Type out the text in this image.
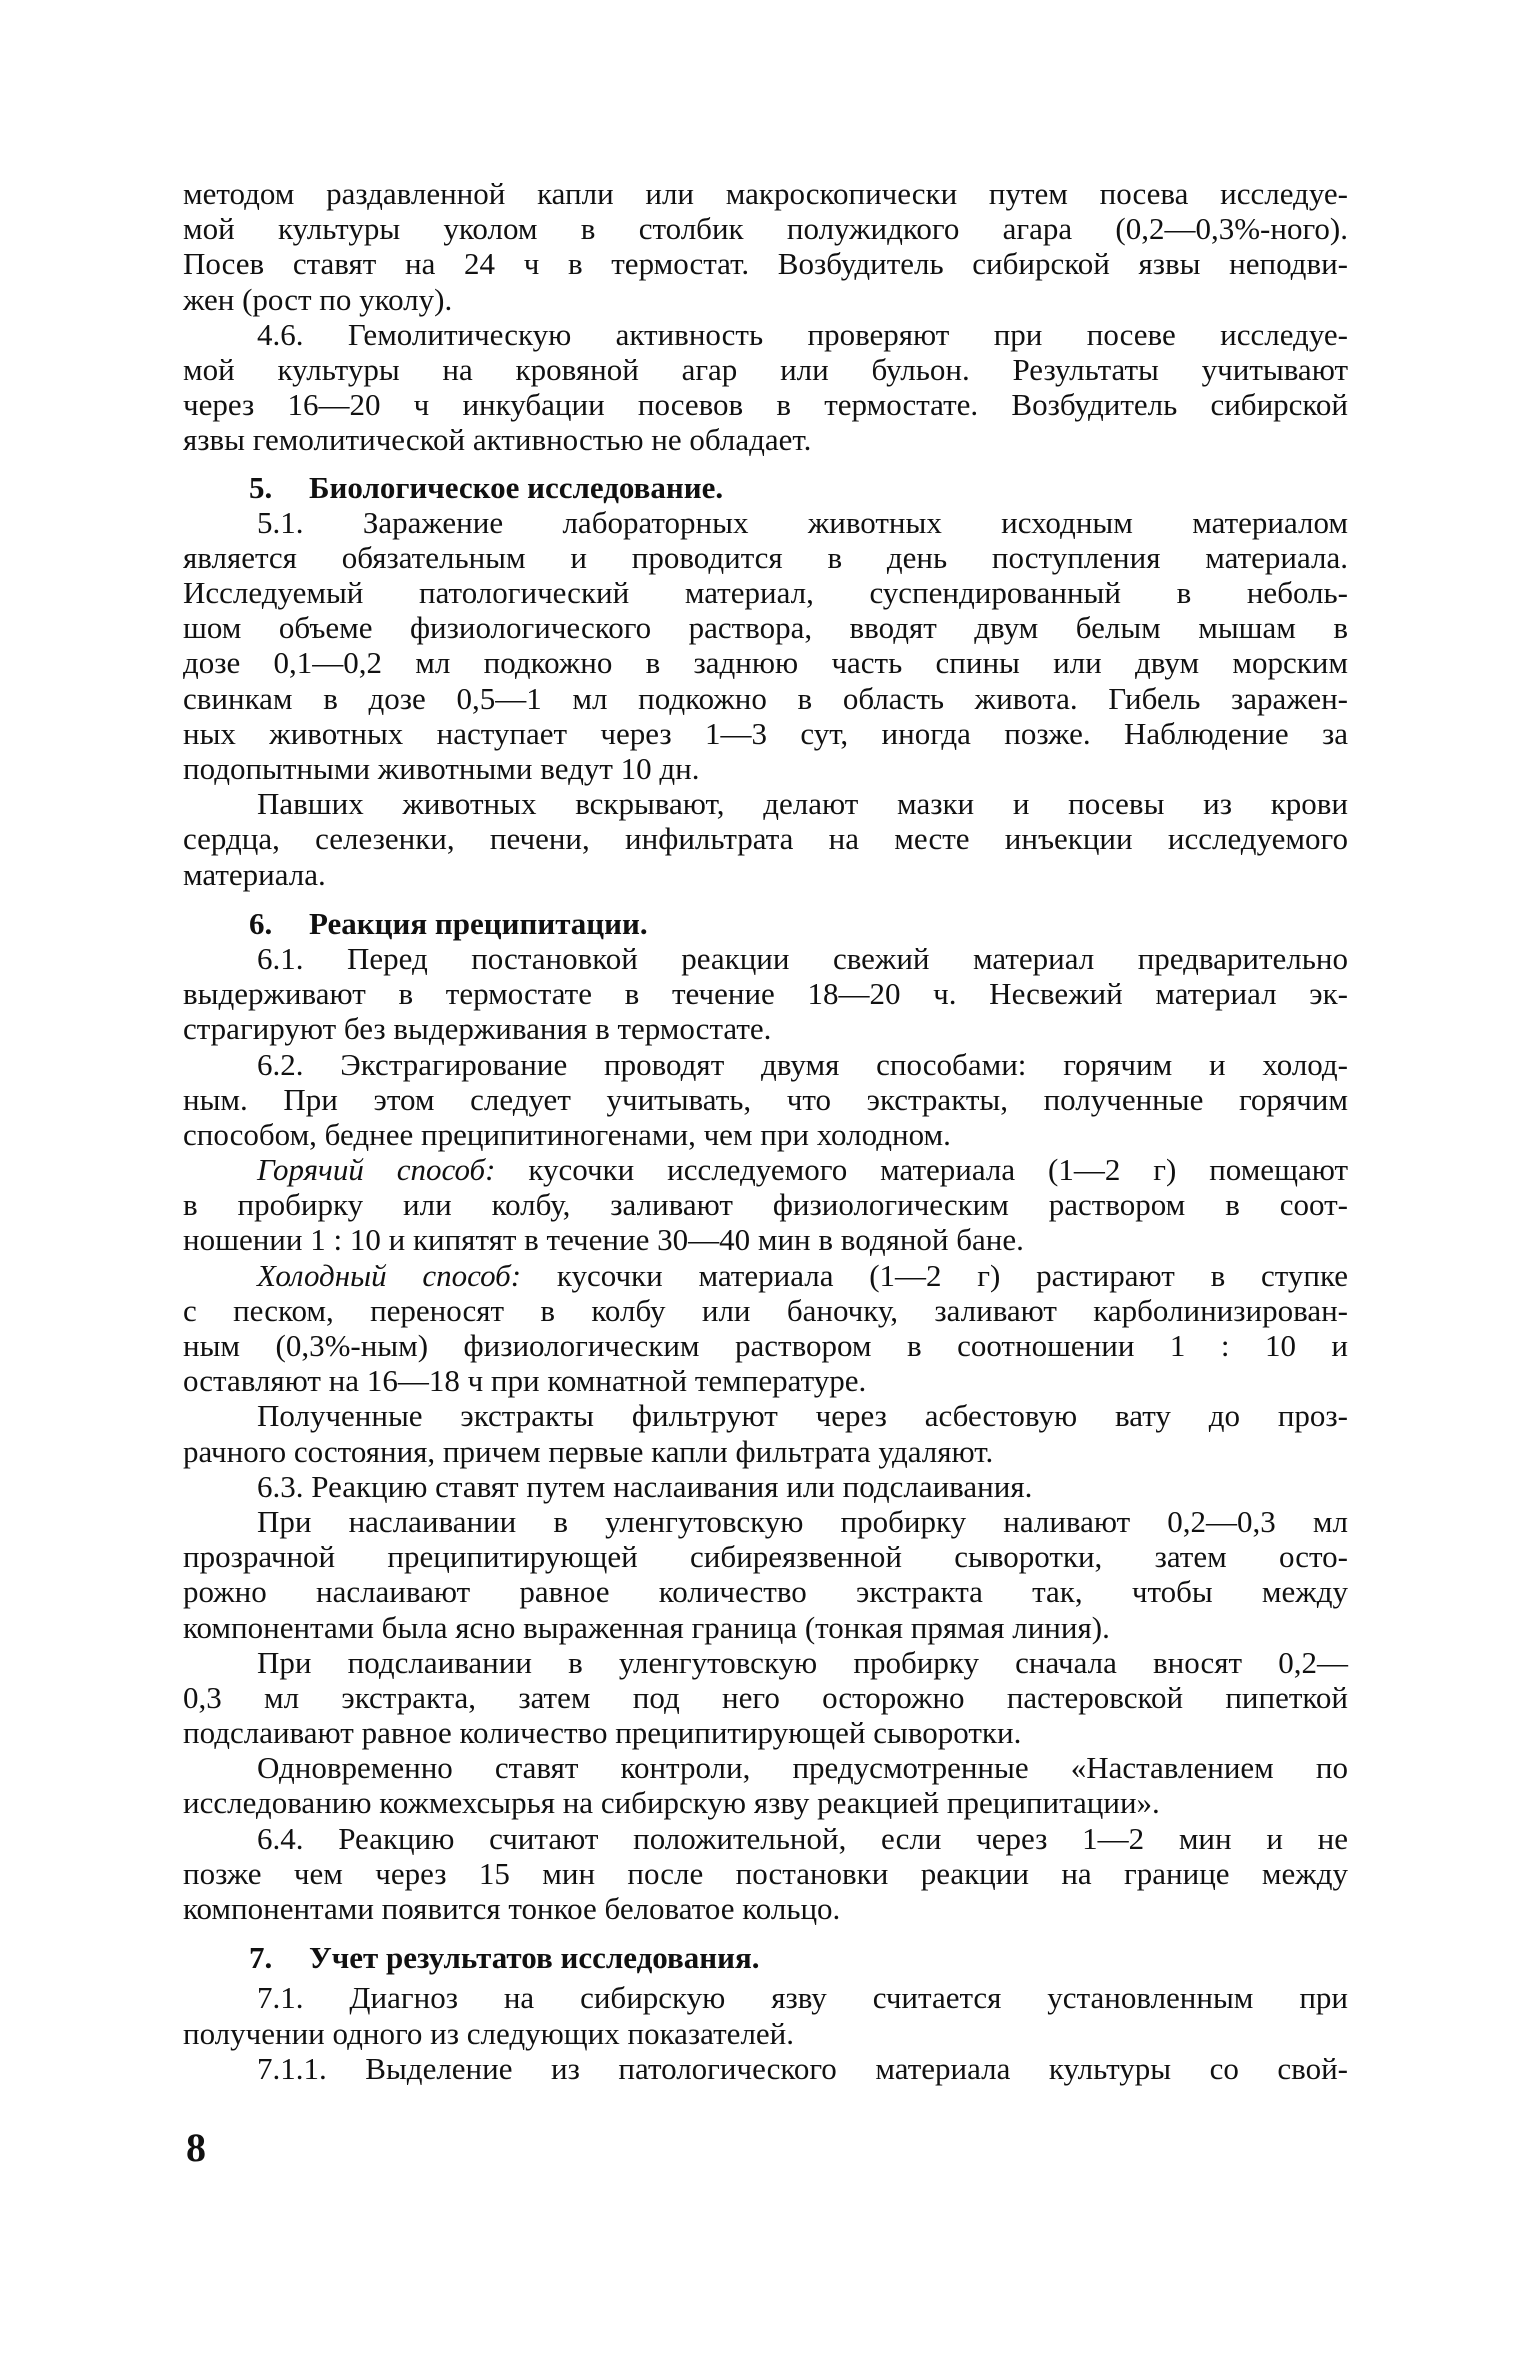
методом раздавленной капли или макроскопически путем посева исследуе-
мой культуры уколом в столбик полужидкого агара (0,2—0,3%-ного).
Посев ставят на 24 ч в термостат. Возбудитель сибирской язвы неподви-
жен (рост по уколу).
4.6. Гемолитическую активность проверяют при посеве исследуе-
мой культуры на кровяной агар или бульон. Результаты учитывают
через 16—20 ч инкубации посевов в термостате. Возбудитель сибирской
язвы гемолитической активностью не обладает.
5. Биологическое исследование.
5.1. Заражение лабораторных животных исходным материалом
является обязательным и проводится в день поступления материала.
Исследуемый патологический материал, суспендированный в неболь-
шом объеме физиологического раствора, вводят двум белым мышам в
дозе 0,1—0,2 мл подкожно в заднюю часть спины или двум морским
свинкам в дозе 0,5—1 мл подкожно в область живота. Гибель заражен-
ных животных наступает через 1—3 сут, иногда позже. Наблюдение за
подопытными животными ведут 10 дн.
Павших животных вскрывают, делают мазки и посевы из крови
сердца, селезенки, печени, инфильтрата на месте инъекции исследуемого
материала.
6. Реакция преципитации.
6.1. Перед постановкой реакции свежий материал предварительно
выдерживают в термостате в течение 18—20 ч. Несвежий материал эк-
страгируют без выдерживания в термостате.
6.2. Экстрагирование проводят двумя способами: горячим и холод-
ным. При этом следует учитывать, что экстракты, полученные горячим
способом, беднее преципитиногенами, чем при холодном.
Горячий способ: кусочки исследуемого материала (1—2 г) помещают
в пробирку или колбу, заливают физиологическим раствором в соот-
ношении 1 : 10 и кипятят в течение 30—40 мин в водяной бане.
Холодный способ: кусочки материала (1—2 г) растирают в ступке
с песком, переносят в колбу или баночку, заливают карболинизирован-
ным (0,3%-ным) физиологическим раствором в соотношении 1 : 10 и
оставляют на 16—18 ч при комнатной температуре.
Полученные экстракты фильтруют через асбестовую вату до проз-
рачного состояния, причем первые капли фильтрата удаляют.
6.3. Реакцию ставят путем наслаивания или подслаивания.
При наслаивании в уленгутовскую пробирку наливают 0,2—0,3 мл
прозрачной преципитирующей сибиреязвенной сыворотки, затем осто-
рожно наслаивают равное количество экстракта так, чтобы между
компонентами была ясно выраженная граница (тонкая прямая линия).
При подслаивании в уленгутовскую пробирку сначала вносят 0,2—
0,3 мл экстракта, затем под него осторожно пастеровской пипеткой
подслаивают равное количество преципитирующей сыворотки.
Одновременно ставят контроли, предусмотренные «Наставлением по
исследованию кожмехсырья на сибирскую язву реакцией преципитации».
6.4. Реакцию считают положительной, если через 1—2 мин и не
позже чем через 15 мин после постановки реакции на границе между
компонентами появится тонкое беловатое кольцо.
7. Учет результатов исследования.
7.1. Диагноз на сибирскую язву считается установленным при
получении одного из следующих показателей.
7.1.1. Выделение из патологического материала культуры со свой-
8
